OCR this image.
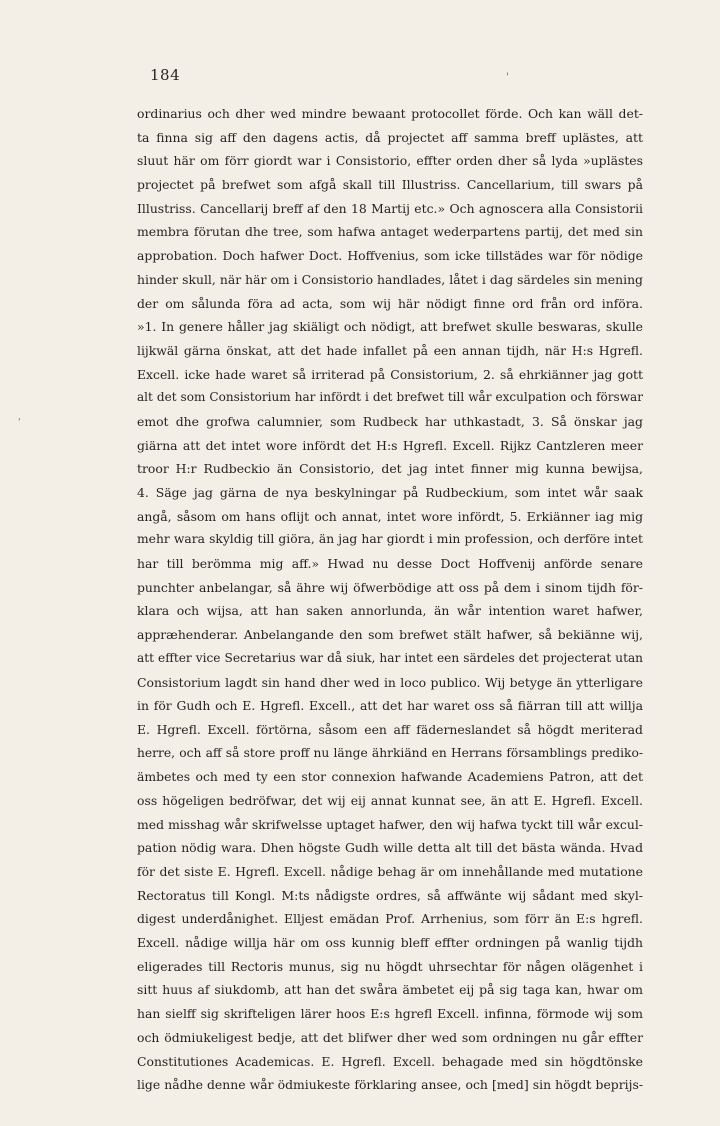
184	'
'
ordinarius och dher wed mindre bewaant protocollet förde. Och kan wäll det-
ta finna sig aff den dagens actis, då projectet aff samma breff uplästes, att
sluut här om förr giordt war i Consistorio, effter orden dher så lyda »uplästes
projectet på brefwet som afgå skall till Illustriss. Cancellarium, till swars på
Illustriss. Cancellarij breff af den 18 Martij etc.» Och agnoscera alla Consistorii
membra förutan dhe tree, som hafwa antaget wederpartens partij, det med sin
approbation. Doch hafwer Doct. Hoffvenius, som icke tillstädes war för nödige
hinder skull, när här om i Consistorio handlades, låtet i dag särdeles sin mening
der om sålunda föra ad acta, som wij här nödigt finne ord från ord införa.
»1. In genere håller jag skiäligt och nödigt, att brefwet skulle beswaras, skulle
lijkwäl gärna önskat, att det hade infallet på een annan tijdh, när H:s Hgrefl.
Excell. icke hade waret så irriterad på Consistorium, 2. så ehrkiänner jag gott
alt det som Consistorium har infördt i det brefwet till wår exculpation och förswar
emot dhe grofwa calumnier, som Rudbeck har uthkastadt, 3. Så önskar jag
giärna att det intet wore infördt det H:s Hgrefl. Excell. Rijkz Cantzleren meer
troor H:r Rudbeckio än Consistorio, det jag intet finner mig kunna bewijsa,
4. Säge jag gärna de nya beskylningar på Rudbeckium, som intet wår saak
angå, såsom om hans oflijt och annat, intet wore infördt, 5. Erkiänner iag mig
mehr wara skyldig till giöra, än jag har giordt i min profession, och derföre intet
har till berömma mig aff.» Hwad nu desse Doct Hoffvenij anförde senare
punchter anbelangar, så ähre wij öfwerbödige att oss på dem i sinom tijdh för-
klara och wijsa, att han saken annorlunda, än wår intention waret hafwer,
appræhenderar. Anbelangande den som brefwet stält hafwer, så bekiänne wij,
att effter vice Secretarius war då siuk, har intet een särdeles det projecterat utan
Consistorium lagdt sin hand dher wed in loco publico. Wij betyge än ytterligare
in för Gudh och E. Hgrefl. Excell., att det har waret oss så fiärran till att willja
E. Hgrefl. Excell. förtörna, såsom een aff fäderneslandet så högdt meriterad
herre, och aff så store proff nu länge ährkiänd en Herrans församblings prediko-
ämbetes och med ty een stor connexion hafwande Academiens Patron, att det
oss högeligen bedröfwar, det wij eij annat kunnat see, än att E. Hgrefl. Excell.
med misshag wår skrifwelsse uptaget hafwer, den wij hafwa tyckt till wår excul-
pation nödig wara. Dhen högste Gudh wille detta alt till det bästa wända. Hvad
för det siste E. Hgrefl. Excell. nådige behag är om innehållande med mutatione
Rectoratus till Kongl. M:ts nådigste ordres, så affwänte wij sådant med skyl-
digest underdånighet. Elljest emädan Prof. Arrhenius, som förr än E:s hgrefl.
Excell. nådige willja här om oss kunnig bleff effter ordningen på wanlig tijdh
eligerades till Rectoris munus, sig nu högdt uhrsechtar för någen olägenhet i
sitt huus af siukdomb, att han det swåra ämbetet eij på sig taga kan, hwar om
han sielff sig skrifteligen lärer hoos E:s hgrefl Excell. infinna, förmode wij som
och ödmiukeligest bedje, att det blifwer dher wed som ordningen nu går effter
Constitutiones Academicas. E. Hgrefl. Excell. behagade med sin högdtönske
lige nådhe denne wår ödmiukeste förklaring ansee, och [med] sin högdt beprijs-
